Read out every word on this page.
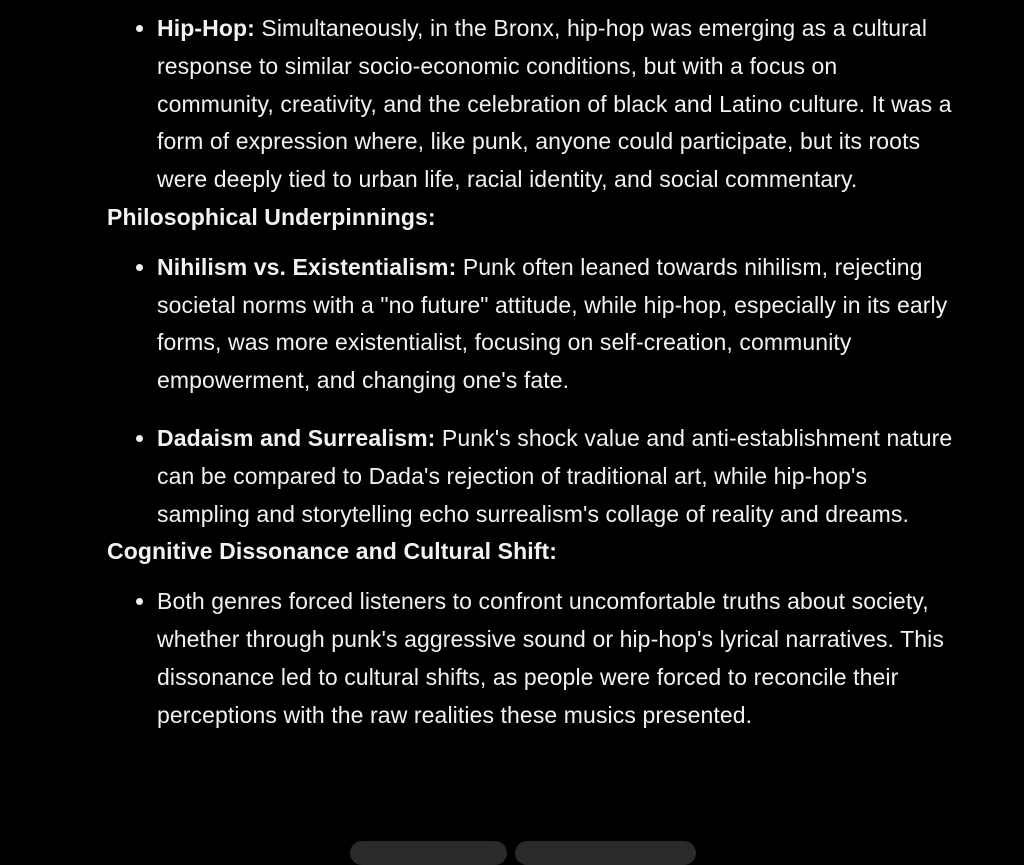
Hip-Hop: Simultaneously, in the Bronx, hip-hop was emerging as a cultural response to similar socio-economic conditions, but with a focus on community, creativity, and the celebration of black and Latino culture. It was a form of expression where, like punk, anyone could participate, but its roots were deeply tied to urban life, racial identity, and social commentary.

Philosophical Underpinnings:

Nihilism vs. Existentialism: Punk often leaned towards nihilism, rejecting societal norms with a "no future" attitude, while hip-hop, especially in its early forms, was more existentialist, focusing on self-creation, community empowerment, and changing one's fate.
Dadaism and Surrealism: Punk's shock value and anti-establishment nature can be compared to Dada's rejection of traditional art, while hip-hop's sampling and storytelling echo surrealism's collage of reality and dreams.

Cognitive Dissonance and Cultural Shift:

Both genres forced listeners to confront uncomfortable truths about society, whether through punk's aggressive sound or hip-hop's lyrical narratives. This dissonance led to cultural shifts, as people were forced to reconcile their perceptions with the raw realities these musics presented.
